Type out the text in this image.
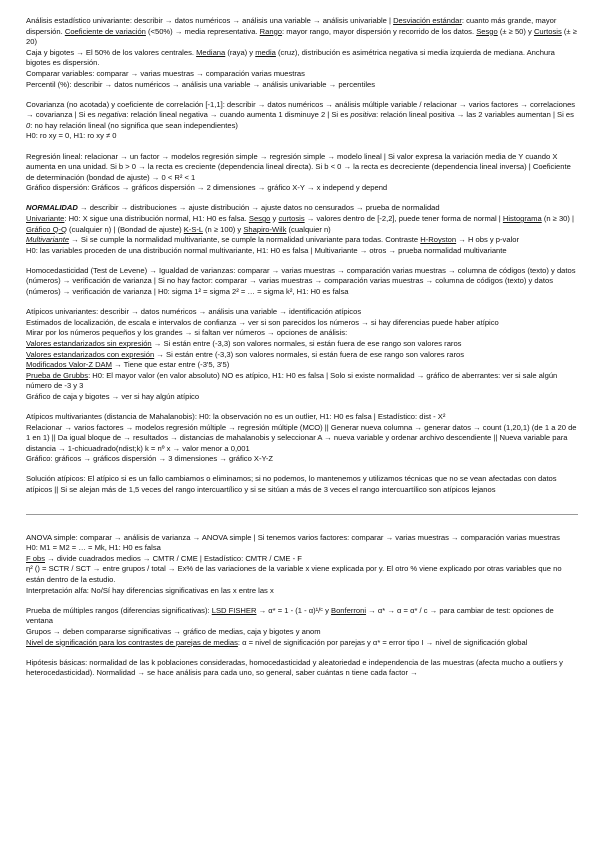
Análisis estadístico univariante: describir → datos numéricos → análisis una variable → análisis univariable | Desviación estándar: cuanto más grande, mayor dispersión. Coeficiente de variación (<50%) → media representativa. Rango: mayor rango, mayor dispersión y recorrido de los datos. Sesgo (± ≥ 50) y Curtosis (± ≥ 20)
Caja y bigotes → El 50% de los valores centrales. Mediana (raya) y media (cruz), distribución es asimétrica negativa si media izquierda de mediana. Anchura bigotes es dispersión.
Comparar variables: comparar → varias muestras → comparación varias muestras
Percentil (%): describir → datos numéricos → análisis una variable → análisis univariable → percentiles
Covarianza (no acotada) y coeficiente de correlación [-1,1]: describir → datos numéricos → análisis múltiple variable / relacionar → varios factores → correlaciones → covarianza | Si es negativa: relación lineal negativa → cuando aumenta 1 disminuye 2 | Si es positiva: relación lineal positiva → las 2 variables aumentan | Si es 0: no hay relación lineal (no significa que sean independientes)
H0: ro xy = 0, H1: ro xy ≠ 0
Regresión lineal: relacionar → un factor → modelos regresión simple → regresión simple → modelo lineal | Si valor expresa la variación media de Y cuando X aumenta en una unidad. Si b > 0 → la recta es creciente (dependencia lineal directa). Si b < 0 → la recta es decreciente (dependencia lineal inversa) | Coeficiente de determinación (bondad de ajuste) → 0 < R² < 1
Gráfico dispersión: Gráficos → gráficos dispersión → 2 dimensiones → gráfico X-Y → x independ y depend
NORMALIDAD → describir → distribuciones → ajuste distribución → ajuste datos no censurados → prueba de normalidad
Univariante: H0: X sigue una distribución normal, H1: H0 es falsa. Sesgo y curtosis → valores dentro de [-2,2], puede tener forma de normal | Histograma (n ≥ 30) | Gráfico Q-Q (cualquier n) | (Bondad de ajuste) K-S-L (n ≥ 100) y Shapiro-Wilk (cualquier n)
Multivariante → Si se cumple la normalidad multivariante, se cumple la normalidad univariante para todas. Contraste H-Royston → H obs y p-valor
H0: las variables proceden de una distribución normal multivariante, H1: H0 es falsa | Multivariante → otros → prueba normalidad multivariante
Homocedasticidad (Test de Levene) → Igualdad de varianzas: comparar → varias muestras → comparación varias muestras → columna de códigos (texto) y datos (números) → verificación de varianza | Si no hay factor: comparar → varias muestras → comparación varias muestras → columna de códigos (texto) y datos (números) → verificación de varianza | H0: sigma 1² = sigma 2² = … = sigma k², H1: H0 es falsa
Atípicos univariantes: describir → datos numéricos → análisis una variable → identificación atípicos
Estimados de localización, de escala e intervalos de confianza → ver si son parecidos los números → si hay diferencias puede haber atípico
Mirar por los números pequeños y los grandes → si faltan ver números → opciones de análisis:
Valores estandarizados sin expresión → Si están entre (-3,3) son valores normales, si están fuera de ese rango son valores raros
Valores estandarizados con expresión → Si están entre (-3,3) son valores normales, si están fuera de ese rango son valores raros
Modificados Valor-Z DAM → Tiene que estar entre (-3'5, 3'5)
Prueba de Grubbs: H0: El mayor valor (en valor absoluto) NO es atípico, H1: H0 es falsa | Solo si existe normalidad → gráfico de aberrantes: ver si sale algún número de -3 y 3
Gráfico de caja y bigotes → ver si hay algún atípico
Atípicos multivariantes (distancia de Mahalanobis): H0: la observación no es un outlier, H1: H0 es falsa | Estadístico: dist - X²
Relacionar → varios factores → modelos regresión múltiple → regresión múltiple (MCO) || Generar nueva columna → generar datos → count (1,20,1) (de 1 a 20 de 1 en 1) || Da igual bloque de → resultados → distancias de mahalanobis y seleccionar A → nueva variable y ordenar archivo descendiente || Nueva variable para distancia → 1-chicuadrado(ndist;k) k = nº x → valor menor a 0,001
Gráfico: gráficos → gráficos dispersión → 3 dimensiones → gráfico X-Y-Z
Solución atípicos: El atípico si es un fallo cambiamos o eliminamos; si no podemos, lo mantenemos y utilizamos técnicas que no se vean afectadas con datos atípicos || Si se alejan más de 1,5 veces del rango intercuartílico y si se sitúan a más de 3 veces el rango intercuartílico son atípicos lejanos
ANOVA simple: comparar → análisis de varianza → ANOVA simple | Si tenemos varios factores: comparar → varias muestras → comparación varias muestras
H0: M1 = M2 = … = Mk, H1: H0 es falsa
F obs → divide cuadrados medios → CMTR / CME | Estadístico: CMTR / CME - F
η² () = SCTR / SCT → entre grupos / total → Ex% de las variaciones de la variable x viene explicada por y. El otro % viene explicado por otras variables que no están dentro de la estudio.
Interpretación alfa: No/Sí hay diferencias significativas en las x entre las x
Prueba de múltiples rangos (diferencias significativas): LSD FISHER → α* = 1 - (1 - α)¹/ᶜ y Bonferroni → α* → α = α* / c → para cambiar de test: opciones de ventana
Grupos → deben compararse significativas → gráfico de medias, caja y bigotes y anom
Nivel de significación para los contrastes de parejas de medias: α = nivel de significación por parejas y α* = error tipo I → nivel de significación global
Hipótesis básicas: normalidad de las k poblaciones consideradas, homocedasticidad y aleatoriedad e independencia de las muestras (afecta mucho a outliers y heterocedasticidad). Normalidad → se hace análisis para cada uno, so general, saber cuántas n tiene cada factor →
